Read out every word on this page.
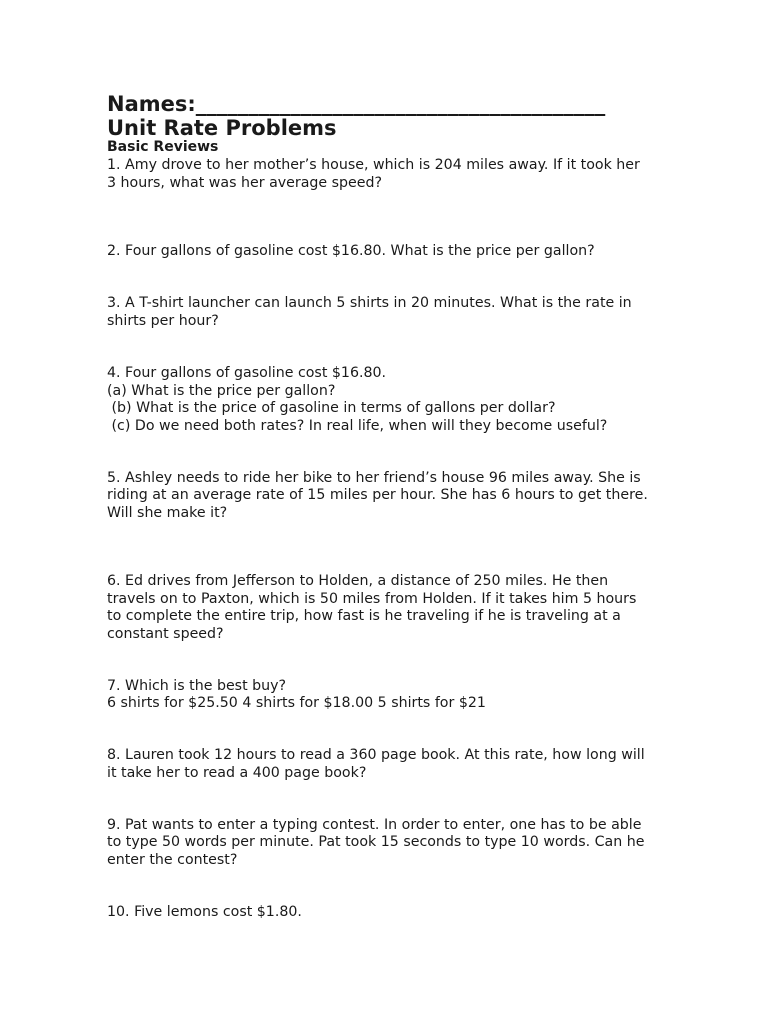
Names:_______________________________________
Unit Rate Problems
Basic Reviews
1. Amy drove to her mother’s house, which is 204 miles away. If it took her
3 hours, what was her average speed?
2. Four gallons of gasoline cost $16.80. What is the price per gallon?
3. A T-shirt launcher can launch 5 shirts in 20 minutes. What is the rate in
shirts per hour?
4. Four gallons of gasoline cost $16.80.
(a) What is the price per gallon?
(b) What is the price of gasoline in terms of gallons per dollar?
(c) Do we need both rates? In real life, when will they become useful?
5. Ashley needs to ride her bike to her friend’s house 96 miles away. She is
riding at an average rate of 15 miles per hour. She has 6 hours to get there.
Will she make it?
6. Ed drives from Jefferson to Holden, a distance of 250 miles. He then
travels on to Paxton, which is 50 miles from Holden. If it takes him 5 hours
to complete the entire trip, how fast is he traveling if he is traveling at a
constant speed?
7. Which is the best buy?
6 shirts for $25.50 4 shirts for $18.00 5 shirts for $21
8. Lauren took 12 hours to read a 360 page book. At this rate, how long will
it take her to read a 400 page book?
9. Pat wants to enter a typing contest. In order to enter, one has to be able
to type 50 words per minute. Pat took 15 seconds to type 10 words. Can he
enter the contest?
10. Five lemons cost $1.80.
